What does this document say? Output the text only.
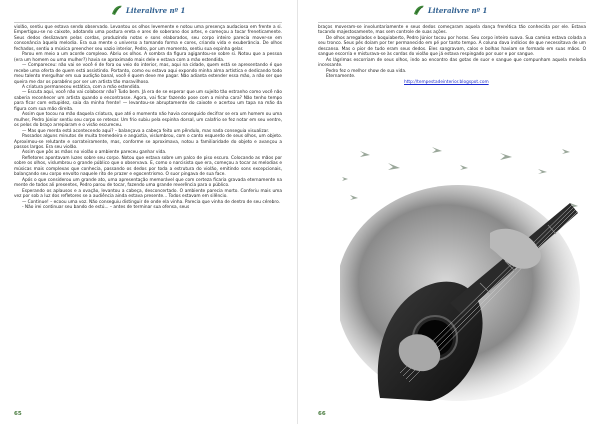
Literalivre nº 1

violão, sentiu que estava sendo observado. Levantou os olhos levemente e notou uma presença audaciosa em frente a si. Empertigou-se no caixote, adotando uma postura ereta e ares de soberano dos artes, e começou a tocar freneticamente. Seus dedos deslizavam pelas cordas, produzindo notas e sons elaborados, seu corpo inteiro parecia mover-se em consonância àquela melodia. Era sua mente o universo a tomando forma e cores, criando vida e exuberância. De olhos fechados, sentiu a música preencher seu vazio interior, Pedro, por um momento, sentiu sua espinha gelar.

Parou em meio a um acorde complexo. Abriu os olhos. A sombra da figura agigantou-se sobre si. Notou que a pessoa (era um homem ou uma mulher?) havia se aproximado mais dele e estava com a mão estendida.

— Compareceu: não vai se você é de fora ou veio do interior, mas, aqui na cidade, quem está se apresentando é que recebe uma oferta de quem está assistindo. Portanto, como eu estava aqui expondo minha alma artística e dedicando todo meu talento mergulhar em sua audição banal, você é quem deve me pagar. Não adianta estender essa mão, a não ser que queira me dar os parabéns por ser um artista tão maravilhoso.

A criatura permaneceu estática, com a mão estendida.

— Escuta aqui, você não vai colaborar não? Tudo bem. Já era de se esperar que um sujeito tão estranho como você não saberia reconhecer um artista quando o encontrasse. Agora, vai ficar fazendo pose com a minha cara? Não tenho tempo para ficar com estupidez, saia da minha frente! — levantou-se abruptamente do caixote e acertou um tapa na mão da figura com sua mão direita.

Assim que tocou na mão daquela criatura, que até o momento não havia conseguido decifrar se era um homem ou uma mulher, Pedro Júnior sentiu seu corpo se retesar. Um frio subiu pela espinha dorsal, um calafrio se fez notar em seu ventre, os pelos do braço arrepiaram e o visão escureceu.

— Mas que merda está acontecendo aqui? – balançava a cabeça feito um pêndulo, mas nada conseguia visualizar.

Passados alguns minutos de muita tremedeira e angústia, vislumbrou, com o canto esquerdo de seus olhos, um objeto. Aproximou-se relutante e sorrateiramente, mas, conforme se aproximava, notou a familiaridade do objeto e avançou a passos largos. Era seu violão.

Assim que pôs as mãos no violão o ambiente pareceu ganhar vida.

Refletores apontavam luzes sobre seu corpo. Notou que estava sobre um palco de piso escuro. Colocando as mãos por sobre os olhos, vislumbrou o grande público que o observava. E, como o narcisista que era, começou a tocar as melodias e músicas mais complexas que conhecia, passando os dedos por toda a estrutura do violão, emitindo sons excepcionais, balançando seu corpo envolto naquele rito de prazer e egocentrismo. O suor pingava de sua face.

Após o que considerou um grande ato, uma apresentação memorável que com certeza ficaria gravada eternamente na mente de todos ali presentes, Pedro parou de tocar, fazendo uma grande reverência para o público.

Esperando os aplausos e a ovação, levantou a cabeça, desconcertado. O ambiente parecia morto. Conferiu mais uma vez por sob a luz dos refletores se a audiência ainda estava presente... Todos estavam em silêncio.

— Continue! – ecoou uma voz. Não conseguiu distinguir de onde ela vinha. Parecia que vinha de dentro de seu cérebro.

- Não irei continuar seu bando de estú... – antes de terminar sua ofensa, seus

65
Literalivre nº 1

braços moveram-se involuntariamente e seus dedos começaram aquela dança frenética tão conhecida por ele. Estava tocando majestosamente, mas sem controle de suas ações.

De olhos arregalados e boquiaberto, Pedro Júnior tocou por horas. Seu corpo inteiro suava. Sua camisa estava colada a seu tronco. Seus pés doíam por ter permanecido em pé por tanto tempo. A coluna dava indícios de que necessitava de um descanso. Mas o pior de tudo eram seus dedos. Eles sangravam, calos e bolhas haviam se formado em suas mãos. O sangue escorria e misturava-se às cordas do violão que já estava respingado por suor e por sangue.

As lágrimas escorriam de seus olhos, indo ao encontro das gotas de suor e sangue que compunham aquela melodia incessante.

Pedro fez o melhor show de sua vida.

Eternamente.

http://tempestadeinterior.blogspot.com

66
